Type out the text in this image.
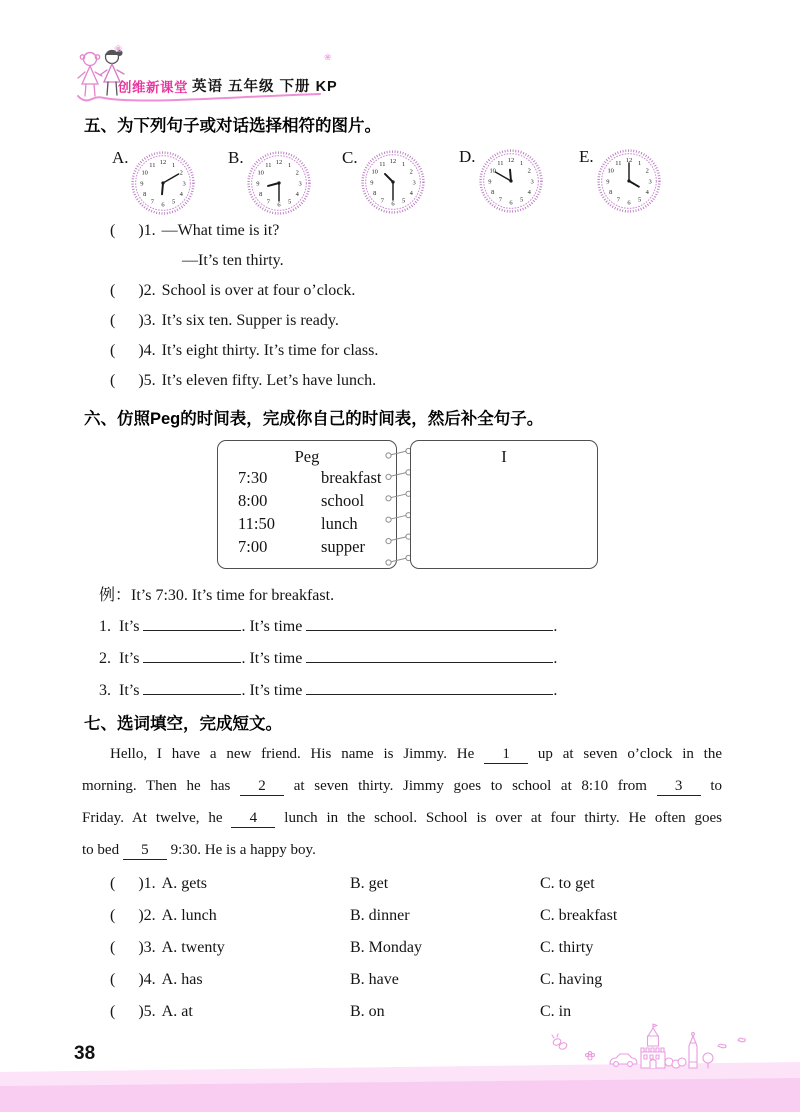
❀
创维新课堂 英语 五年级 下册 KP
❀
五、为下列句子或对话选择相符的图片。
A.	B.	C.	D.	E.
1
2
3
4
5
6
7
8
9
10
11 12	1
2
3
4
5
6
7
8
9
10
11 12	1
2
3
4
5
6
7
8
9
10
11 12	1
2
3
4
5
6
7
8
9
10
11 12	1
2
3
4
5
6
7
8
9
10
11 12
( )1. —What time is it?
—It’s ten thirty.
( )2. School is over at four o’clock.
( )3. It’s six ten. Supper is ready.
( )4. It’s eight thirty. It’s time for class.
( )5. It’s eleven fifty. Let’s have lunch.
六、仿照Peg的时间表，完成你自己的时间表，然后补全句子。
Peg
7:30	breakfast
8:00	school
11:50	lunch
7:00	supper
I
例：It’s 7:30. It’s time for breakfast.
1. It’s	. It’s time	.
2. It’s	. It’s time	.
3. It’s	. It’s time	.
七、选词填空，完成短文。
Hello, I have a new friend. His name is Jimmy. He 1 up at seven o’clock in the
morning. Then he has 2 at seven thirty. Jimmy goes to school at 8:10 from 3 to
Friday. At twelve, he 4 lunch in the school. School is over at four thirty. He often goes
to bed 5 9:30. He is a happy boy.
( )1. A. gets	B. get	C. to get
( )2. A. lunch	B. dinner	C. breakfast
( )3. A. twenty	B. Monday	C. thirty
( )4. A. has	B. have	C. having
( )5. A. at	B. on	C. in
38
